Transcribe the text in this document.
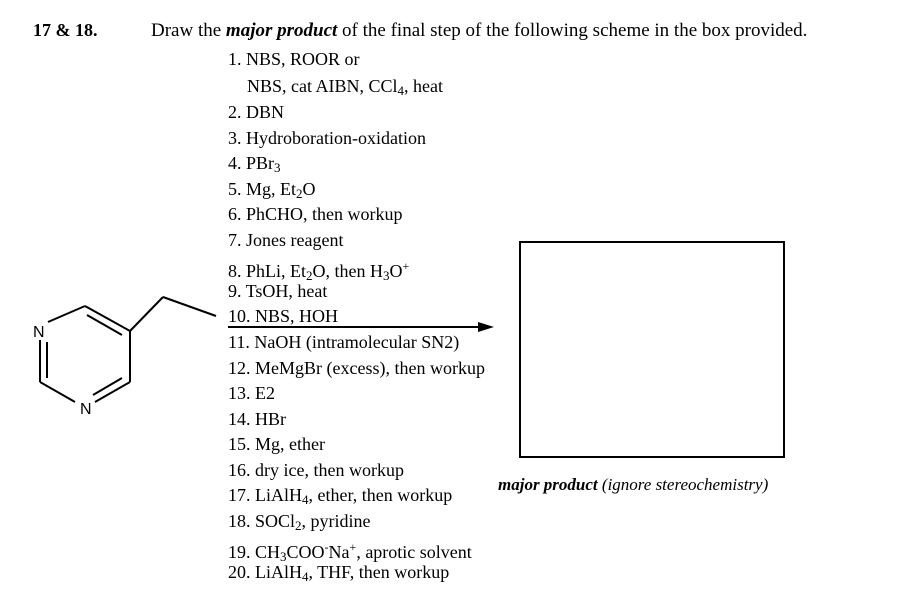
17 & 18.	Draw the major product of the final step of the following scheme in the box provided.
N
N
1. NBS, ROOR or
NBS, cat AIBN, CCl$_4$, heat
2. DBN
3. Hydroboration-oxidation
4. PBr$_3$
5. Mg, $Et_2O$
6. PhCHO, then workup
7. Jones reagent
8. PhLi, $Et_2O$, then $H_3O^+$
9. TsOH, heat
10. NBS, HOH
11. NaOH (intramolecular SN2)
12. MeMgBr (excess), then workup
13. E2
14. HBr
15. Mg, ether
16. dry ice, then workup
17. LiAlH$_4$, ether, then workup
18. SOCl$_2$, pyridine
19. $CH_3COO^-Na^+$, aprotic solvent
20. LiAlH$_4$, THF, then workup
major product (ignore stereochemistry)
